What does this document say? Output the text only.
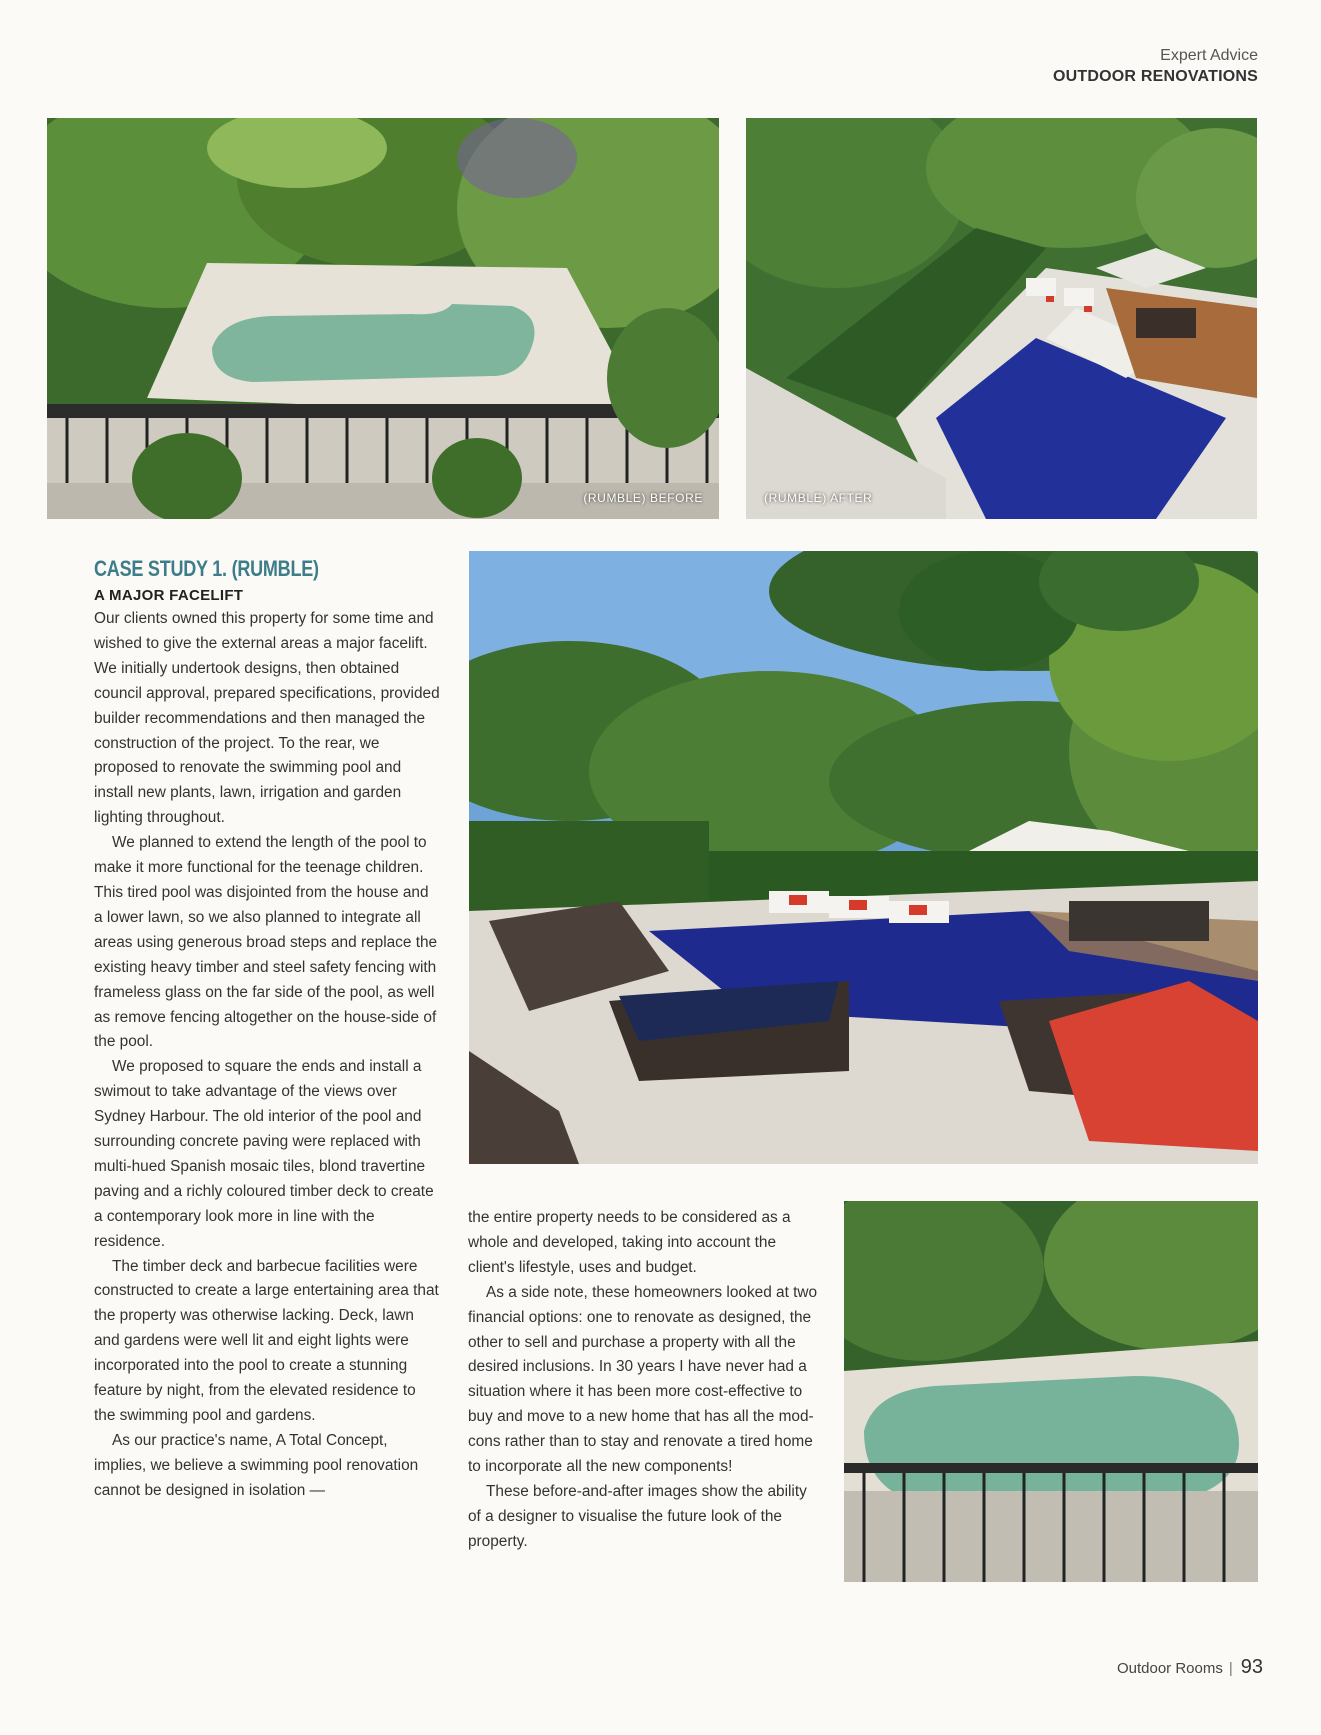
Expert Advice
OUTDOOR RENOVATIONS
(RUMBLE) BEFORE	(RUMBLE) AFTER
CASE STUDY 1. (RUMBLE)
A MAJOR FACELIFT

Our clients owned this property for some time and wished to give the external areas a major facelift. We initially undertook designs, then obtained council approval, prepared specifications, provided builder recommendations and then managed the construction of the project. To the rear, we proposed to renovate the swimming pool and install new plants, lawn, irrigation and garden lighting throughout.

We planned to extend the length of the pool to make it more functional for the teenage children. This tired pool was disjointed from the house and a lower lawn, so we also planned to integrate all areas using generous broad steps and replace the existing heavy timber and steel safety fencing with frameless glass on the far side of the pool, as well as remove fencing altogether on the house-side of the pool.

We proposed to square the ends and install a swimout to take advantage of the views over Sydney Harbour. The old interior of the pool and surrounding concrete paving were replaced with multi-hued Spanish mosaic tiles, blond travertine paving and a richly coloured timber deck to create a contemporary look more in line with the residence.

The timber deck and barbecue facilities were constructed to create a large entertaining area that the property was otherwise lacking. Deck, lawn and gardens were well lit and eight lights were incorporated into the pool to create a stunning feature by night, from the elevated residence to the swimming pool and gardens.

As our practice's name, A Total Concept, implies, we believe a swimming pool renovation cannot be designed in isolation —

the entire property needs to be considered as a whole and developed, taking into account the client's lifestyle, uses and budget.

As a side note, these homeowners looked at two financial options: one to renovate as designed, the other to sell and purchase a property with all the desired inclusions. In 30 years I have never had a situation where it has been more cost-effective to buy and move to a new home that has all the mod-cons rather than to stay and renovate a tired home to incorporate all the new components!

These before-and-after images show the ability of a designer to visualise the future look of the property.

Outdoor Rooms | 93
